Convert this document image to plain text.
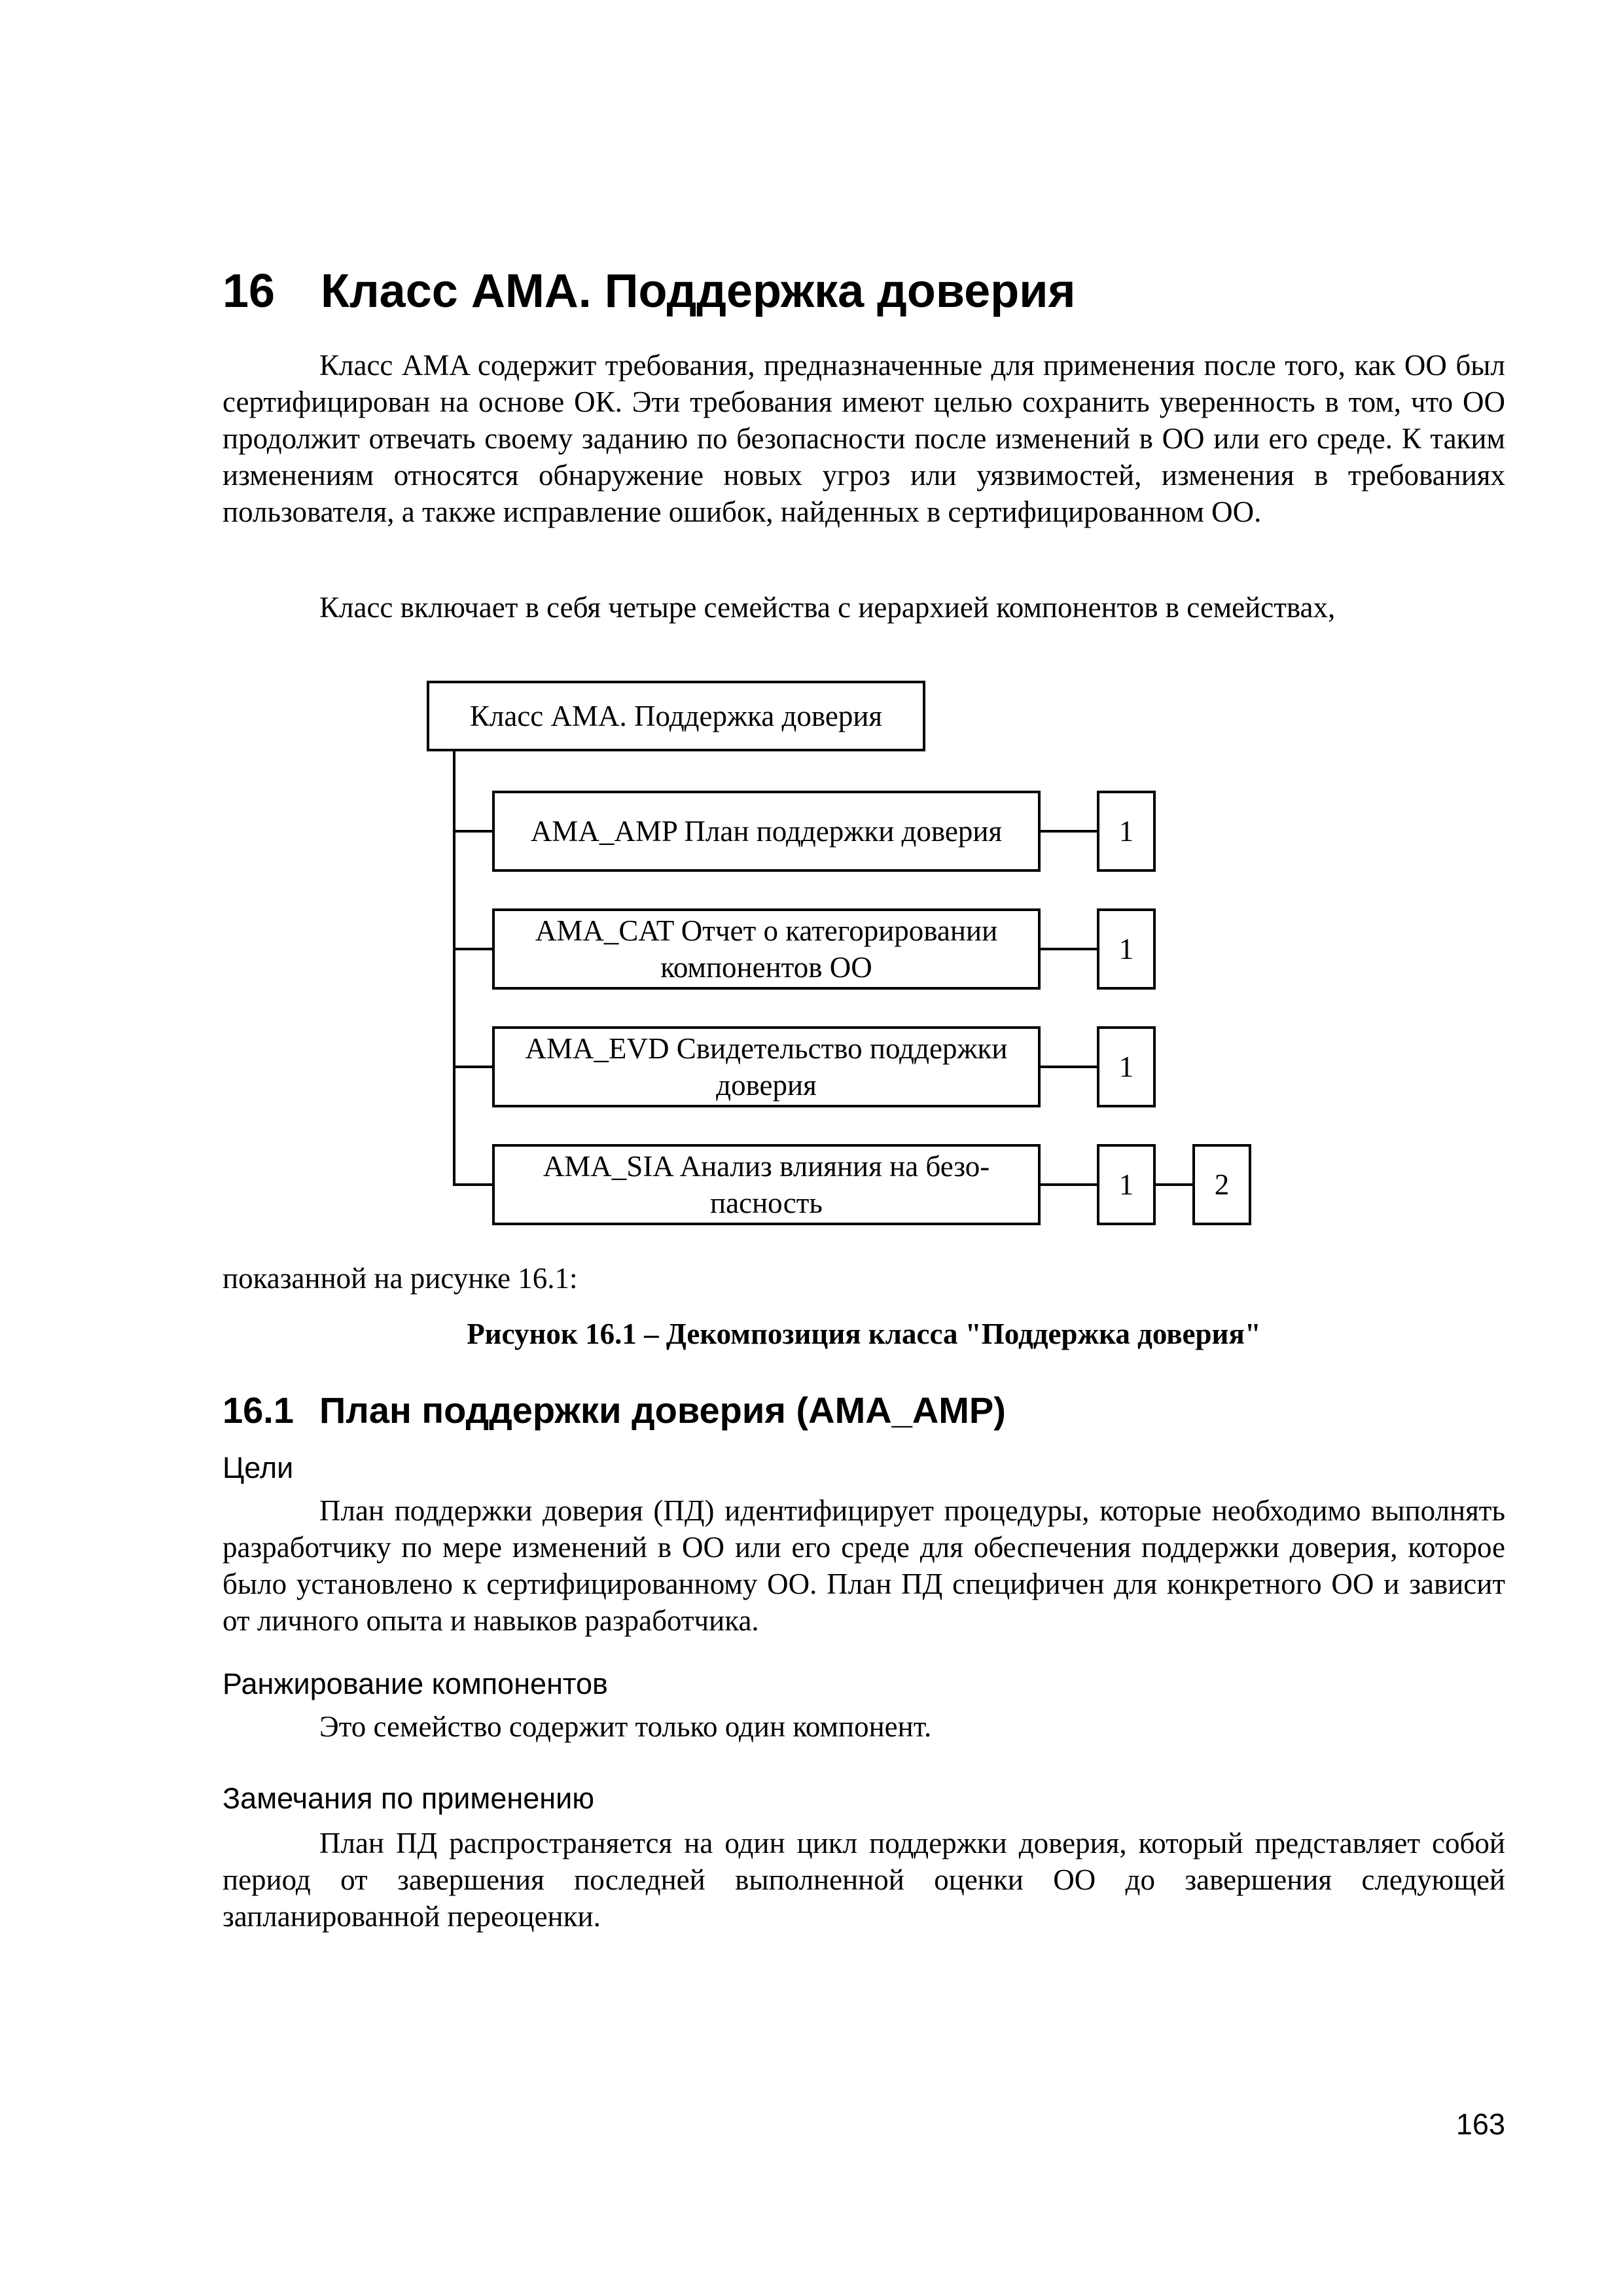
16 Класс AMA. Поддержка доверия

Класс AMA содержит требования, предназначенные для применения после того, как ОО был сертифицирован на основе ОК. Эти требования имеют целью сохранить уверенность в том, что ОО продолжит отвечать своему заданию по безопасности после изменений в ОО или его среде. К таким изменениям относятся обнаружение новых угроз или уязвимостей, изменения в требованиях пользователя, а также исправление ошибок, найденных в сертифицированном ОО.

Класс включает в себя четыре семейства с иерархией компонентов в семействах,

Класс AMA. Поддержка доверия
AMA_AMP План поддержки доверия	1
AMA_CAT Отчет о категорировании
компонентов ОО
1
AMA_EVD Свидетельство поддержки
доверия
1
AMA_SIA Анализ влияния на безо-
пасность
1	2

показанной на рисунке 16.1:

Рисунок 16.1 – Декомпозиция класса "Поддержка доверия"

16.1 План поддержки доверия (AMA_AMP)
Цели

План поддержки доверия (ПД) идентифицирует процедуры, которые необходимо выполнять разработчику по мере изменений в ОО или его среде для обеспечения поддержки доверия, которое было установлено к сертифицированному ОО. План ПД специфичен для конкретного ОО и зависит от личного опыта и навыков разработчика.

Ранжирование компонентов

Это семейство содержит только один компонент.

Замечания по применению

План ПД распространяется на один цикл поддержки доверия, который представляет собой период от завершения последней выполненной оценки ОО до завершения следующей запланированной переоценки.

163
